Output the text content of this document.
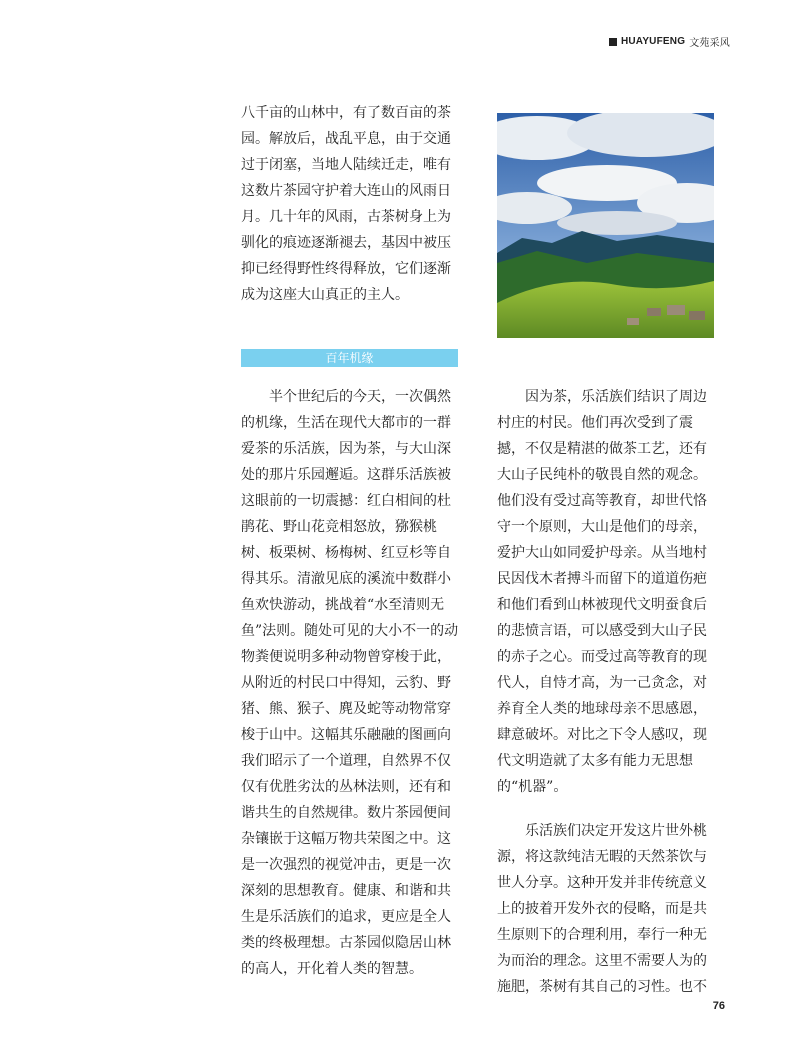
HUAYUFENG 文苑采风

八千亩的山林中，有了数百亩的茶园。解放后，战乱平息，由于交通过于闭塞，当地人陆续迁走，唯有这数片茶园守护着大连山的风雨日月。几十年的风雨，古茶树身上为驯化的痕迹逐渐褪去，基因中被压抑已经得野性终得释放，它们逐渐成为这座大山真正的主人。

百年机缘

半个世纪后的今天，一次偶然的机缘，生活在现代大都市的一群爱茶的乐活族，因为茶，与大山深处的那片乐园邂逅。这群乐活族被这眼前的一切震撼：红白相间的杜鹃花、野山花竞相怒放，猕猴桃树、板栗树、杨梅树、红豆杉等自得其乐。清澈见底的溪流中数群小鱼欢快游动，挑战着“水至清则无鱼”法则。随处可见的大小不一的动物粪便说明多种动物曾穿梭于此，从附近的村民口中得知，云豹、野猪、熊、猴子、麂及蛇等动物常穿梭于山中。这幅其乐融融的图画向我们昭示了一个道理，自然界不仅仅有优胜劣汰的丛林法则，还有和谐共生的自然规律。数片茶园便间杂镶嵌于这幅万物共荣图之中。这是一次强烈的视觉冲击，更是一次深刻的思想教育。健康、和谐和共生是乐活族们的追求，更应是全人类的终极理想。古茶园似隐居山林的高人，开化着人类的智慧。

因为茶，乐活族们结识了周边村庄的村民。他们再次受到了震撼，不仅是精湛的做茶工艺，还有大山子民纯朴的敬畏自然的观念。他们没有受过高等教育，却世代恪守一个原则，大山是他们的母亲，爱护大山如同爱护母亲。从当地村民因伐木者搏斗而留下的道道伤疤和他们看到山林被现代文明蚕食后的悲愤言语，可以感受到大山子民的赤子之心。而受过高等教育的现代人，自恃才高，为一己贪念，对养育全人类的地球母亲不思感恩，肆意破坏。对比之下令人感叹，现代文明造就了太多有能力无思想的“机器”。

乐活族们决定开发这片世外桃源，将这款纯洁无暇的天然茶饮与世人分享。这种开发并非传统意义上的披着开发外衣的侵略，而是共生原则下的合理利用，奉行一种无为而治的理念。这里不需要人为的施肥，茶树有其自己的习性。也不

76
